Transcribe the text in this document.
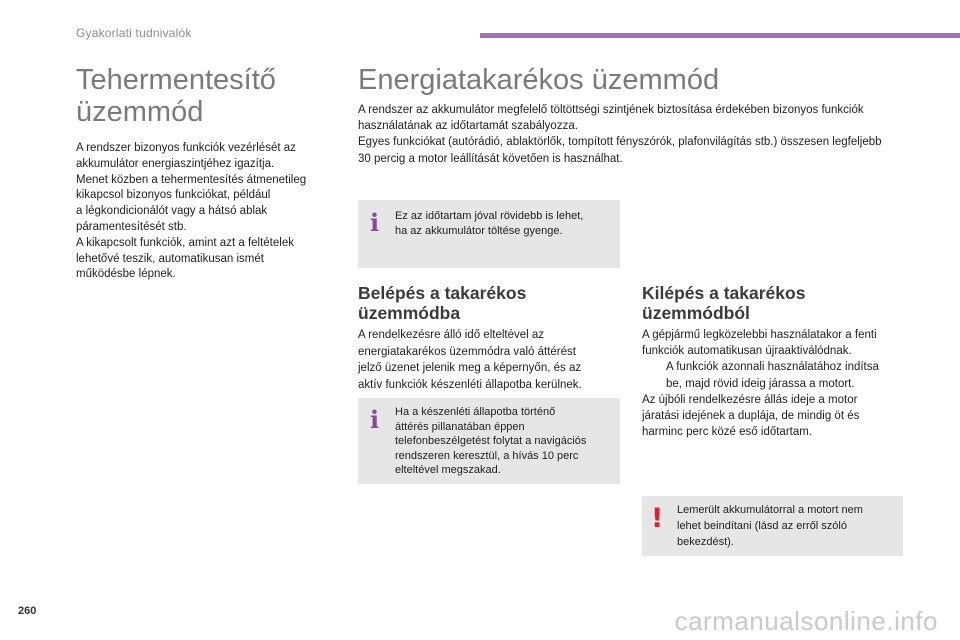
Gyakorlati tudnivalók
Tehermentesítő
üzemmód
A rendszer bizonyos funkciók vezérlését az
akkumulátor energiaszintjéhez igazítja.
Menet közben a tehermentesítés átmenetileg
kikapcsol bizonyos funkciókat, például
a légkondicionálót vagy a hátsó ablak
páramentesítését stb.
A kikapcsolt funkciók, amint azt a feltételek
lehetővé teszik, automatikusan ismét
működésbe lépnek.
Energiatakarékos üzemmód
A rendszer az akkumulátor megfelelő töltöttségi szintjének biztosítása érdekében bizonyos funkciók
használatának az időtartamát szabályozza.
Egyes funkciókat (autórádió, ablaktörlők, tompított fényszórók, plafonvilágítás stb.) összesen legfeljebb
30 percig a motor leállítását követően is használhat.
i Ez az időtartam jóval rövidebb is lehet,
ha az akkumulátor töltése gyenge.
Belépés a takarékos
üzemmódba
A rendelkezésre álló idő elteltével az
energiatakarékos üzemmódra való áttérést
jelző üzenet jelenik meg a képernyőn, és az
aktív funkciók készenléti állapotba kerülnek.
i Ha a készenléti állapotba történő
áttérés pillanatában éppen
telefonbeszélgetést folytat a navigációs
rendszeren keresztül, a hívás 10 perc
elteltével megszakad.
Kilépés a takarékos
üzemmódból
A gépjármű legközelebbi használatakor a fenti
funkciók automatikusan újraaktiválódnak.
A funkciók azonnali használatához indítsa
be, majd rövid ideig járassa a motort.
Az újbóli rendelkezésre állás ideje a motor
járatási idejének a duplája, de mindig öt és
harminc perc közé eső időtartam.
! Lemerült akkumulátorral a motort nem
lehet beindítani (lásd az erről szóló
bekezdést).
260	carmanualsonline.info
